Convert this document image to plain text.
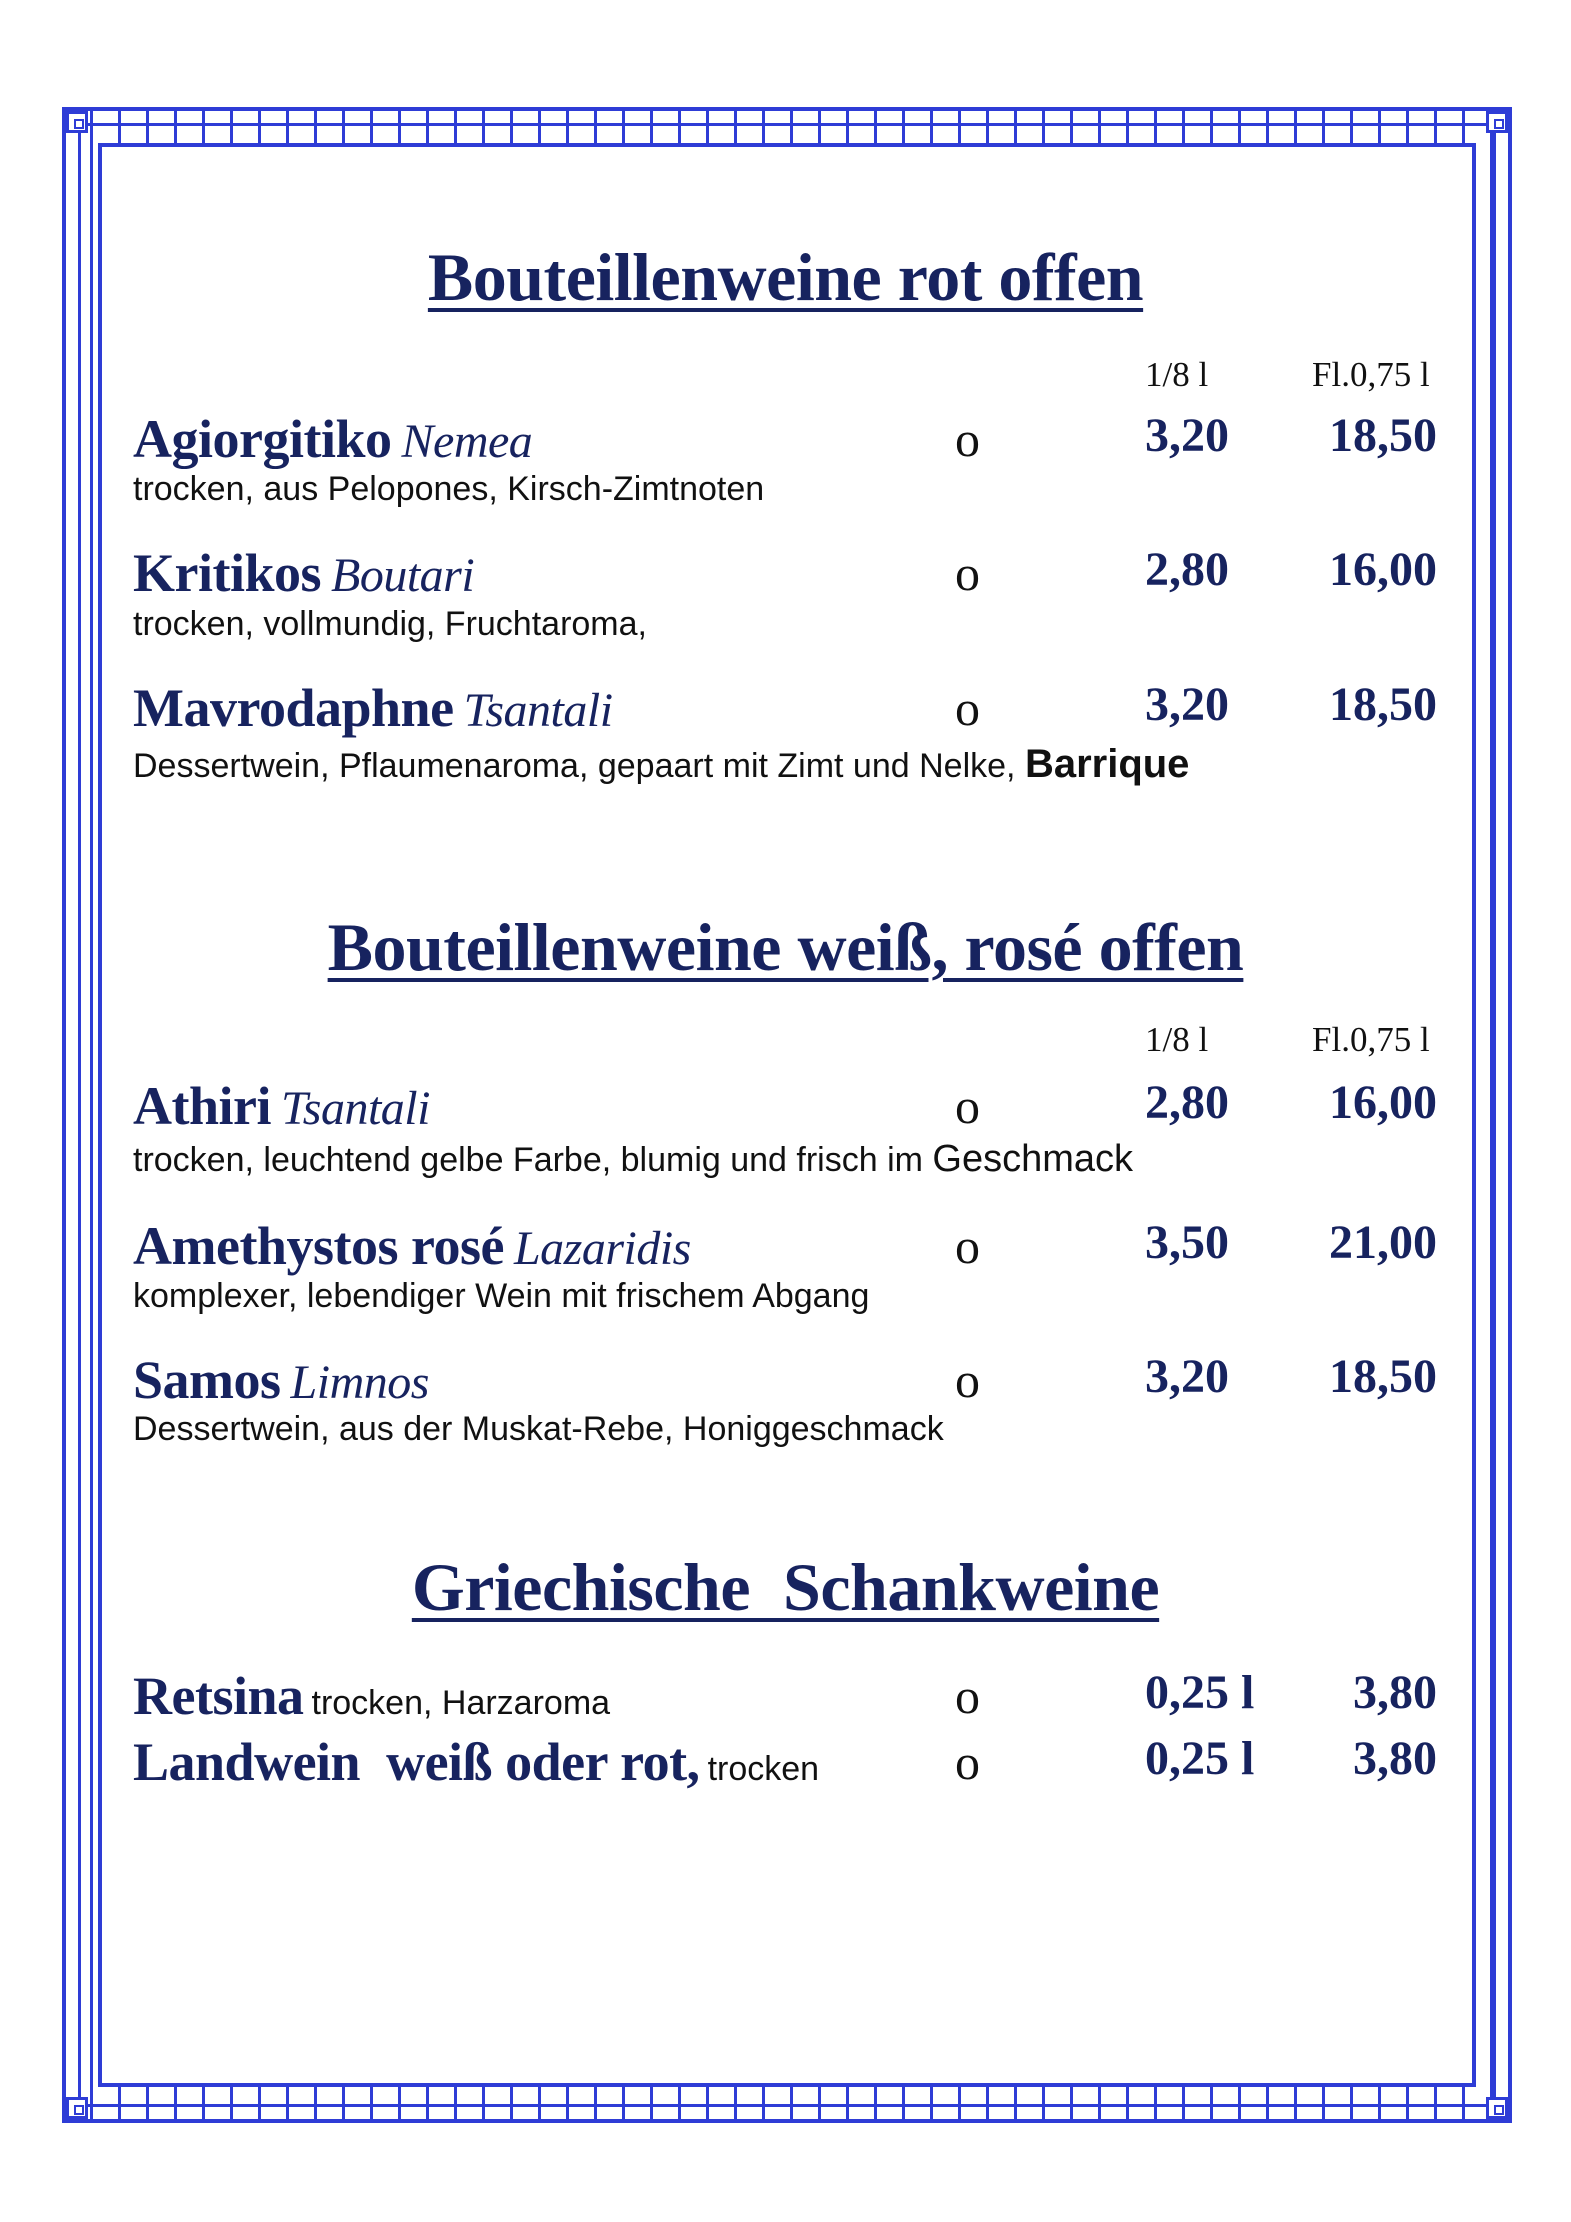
Bouteillenweine rot offen
1/8 l	Fl.0,75 l
Agiorgitiko Nemea	o	3,20	18,50
trocken, aus Pelopones, Kirsch-Zimtnoten
Kritikos Boutari	o	2,80	16,00
trocken, vollmundig, Fruchtaroma,
Mavrodaphne Tsantali	o	3,20	18,50
Dessertwein, Pflaumenaroma, gepaart mit Zimt und Nelke, Barrique
Bouteillenweine weiß, rosé offen
1/8 l	Fl.0,75 l
Athiri Tsantali	o	2,80	16,00
trocken, leuchtend gelbe Farbe, blumig und frisch im Geschmack
Amethystos rosé Lazaridis	o	3,50	21,00
komplexer, lebendiger Wein mit frischem Abgang
Samos Limnos	o	3,20	18,50
Dessertwein, aus der Muskat-Rebe, Honiggeschmack
Griechische  Schankweine
Retsina trocken, Harzaroma	o	0,25 l	3,80
Landwein  weiß oder rot, trocken	o	0,25 l	3,80
